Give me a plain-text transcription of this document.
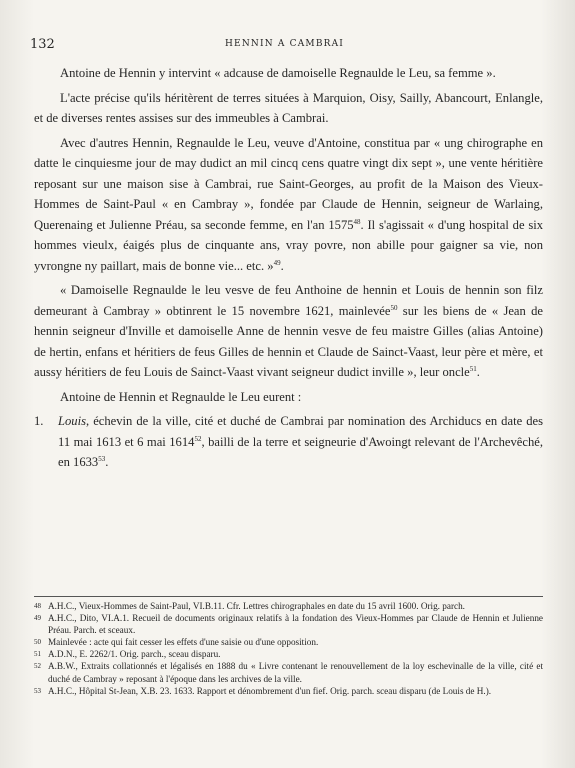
132	HENNIN A CAMBRAI

Antoine de Hennin y intervint « adcause de damoiselle Regnaulde le Leu, sa femme ».

L'acte précise qu'ils héritèrent de terres situées à Marquion, Oisy, Sailly, Abancourt, Enlangle, et de diverses rentes assises sur des immeubles à Cambrai.

Avec d'autres Hennin, Regnaulde le Leu, veuve d'Antoine, constitua par « ung chirographe en datte le cinquiesme jour de may dudict an mil cincq cens quatre vingt dix sept », une vente héritière reposant sur une maison sise à Cambrai, rue Saint-Georges, au profit de la Maison des Vieux-Hommes de Saint-Paul « en Cambray », fondée par Claude de Hennin, seigneur de Warlaing, Querenaing et Julienne Préau, sa seconde femme, en l'an 1575$^{48}$. Il s'agissait « d'ung hospital de six hommes vieulx, éaigés plus de cinquante ans, vray povre, non abille pour gaigner sa vie, non yvrongne ny paillart, mais de bonne vie... etc. »$^{49}$.

« Damoiselle Regnaulde le leu vesve de feu Anthoine de hennin et Louis de hennin son filz demeurant à Cambray » obtinrent le 15 novembre 1621, mainlevée$^{50}$ sur les biens de « Jean de hennin seigneur d'Inville et damoiselle Anne de hennin vesve de feu maistre Gilles (alias Antoine) de hertin, enfans et héritiers de feus Gilles de hennin et Claude de Sainct-Vaast, leur père et mère, et aussy héritiers de feu Louis de Sainct-Vaast vivant seigneur dudict inville », leur oncle$^{51}$.

Antoine de Hennin et Regnaulde le Leu eurent :

1.	Louis, échevin de la ville, cité et duché de Cambrai par nomination des Archiducs en date des 11 mai 1613 et 6 mai 1614$^{52}$, bailli de la terre et seigneurie d'Awoingt relevant de l'Archevêché, en 1633$^{53}$.
48 A.H.C., Vieux-Hommes de Saint-Paul, VI.B.11. Cfr. Lettres chirographales en date du 15 avril 1600. Orig. parch.
49 A.H.C., Dito, VI.A.1. Recueil de documents originaux relatifs à la fondation des Vieux-Hommes par Claude de Hennin et Julienne Préau. Parch. et sceaux.
50 Mainlevée : acte qui fait cesser les effets d'une saisie ou d'une opposition.
51 A.D.N., E. 2262/1. Orig. parch., sceau disparu.
52 A.B.W., Extraits collationnés et légalisés en 1888 du « Livre contenant le renouvellement de la loy eschevinalle de la ville, cité et duché de Cambray » reposant à l'époque dans les archives de la ville.
53 A.H.C., Hôpital St-Jean, X.B. 23. 1633. Rapport et dénombrement d'un fief. Orig. parch. sceau disparu (de Louis de H.).
